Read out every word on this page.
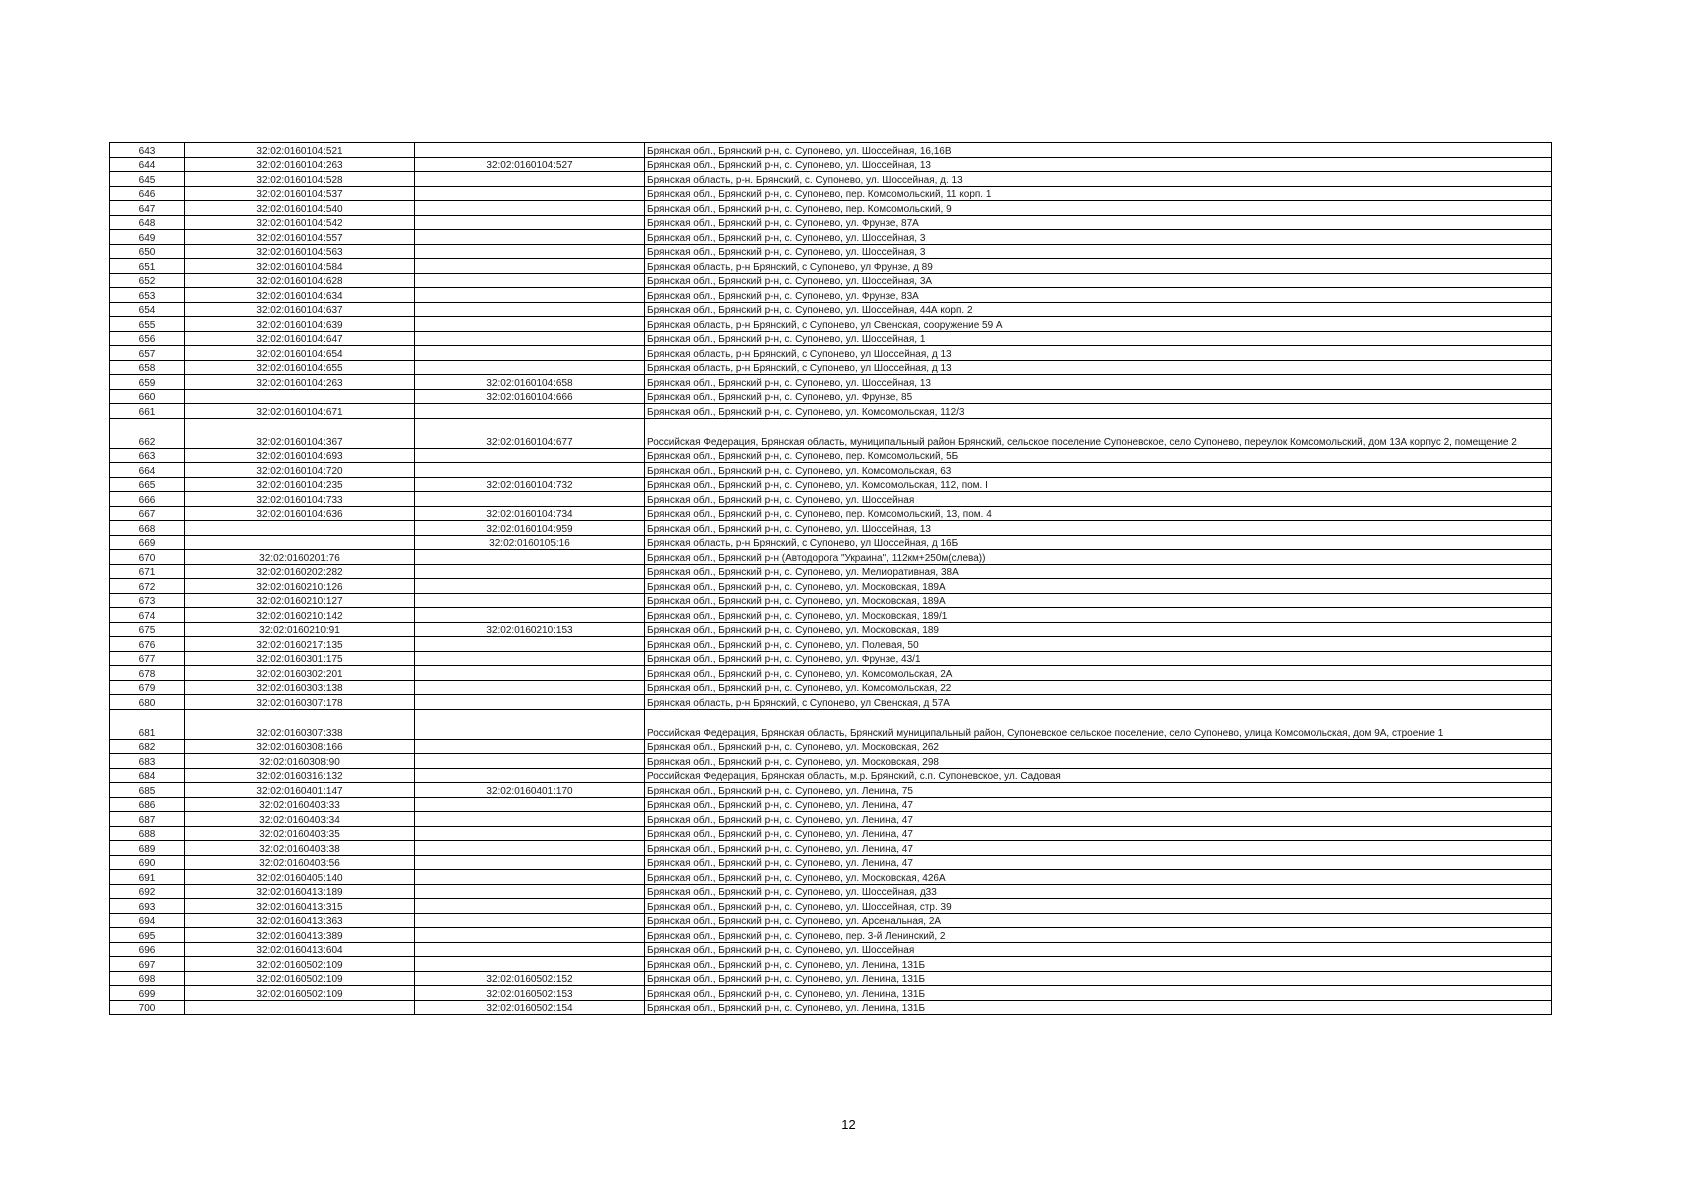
643	32:02:0160104:521		Брянская обл., Брянский р-н, с. Супонево, ул. Шоссейная, 16,16В
644	32:02:0160104:263	32:02:0160104:527	Брянская обл., Брянский р-н, с. Супонево, ул. Шоссейная, 13
645	32:02:0160104:528		Брянская область, р-н. Брянский, с. Супонево, ул. Шоссейная, д. 13
646	32:02:0160104:537		Брянская обл., Брянский р-н, с. Супонево, пер. Комсомольский, 11 корп. 1
647	32:02:0160104:540		Брянская обл., Брянский р-н, с. Супонево, пер. Комсомольский, 9
648	32:02:0160104:542		Брянская обл., Брянский р-н, с. Супонево, ул. Фрунзе, 87А
649	32:02:0160104:557		Брянская обл., Брянский р-н, с. Супонево, ул. Шоссейная, 3
650	32:02:0160104:563		Брянская обл., Брянский р-н, с. Супонево, ул. Шоссейная, 3
651	32:02:0160104:584		Брянская область, р-н Брянский, с Супонево, ул Фрунзе, д 89
652	32:02:0160104:628		Брянская обл., Брянский р-н, с. Супонево, ул. Шоссейная, 3А
653	32:02:0160104:634		Брянская обл., Брянский р-н, с. Супонево, ул. Фрунзе, 83А
654	32:02:0160104:637		Брянская обл., Брянский р-н, с. Супонево, ул. Шоссейная, 44А корп. 2
655	32:02:0160104:639		Брянская область, р-н Брянский, с Супонево, ул Свенская, сооружение 59 А
656	32:02:0160104:647		Брянская обл., Брянский р-н, с. Супонево, ул. Шоссейная, 1
657	32:02:0160104:654		Брянская область, р-н Брянский, с Супонево, ул Шоссейная, д 13
658	32:02:0160104:655		Брянская область, р-н Брянский, с Супонево, ул Шоссейная, д 13
659	32:02:0160104:263	32:02:0160104:658	Брянская обл., Брянский р-н, с. Супонево, ул. Шоссейная, 13
660		32:02:0160104:666	Брянская обл., Брянский р-н, с. Супонево, ул. Фрунзе, 85
661	32:02:0160104:671		Брянская обл., Брянский р-н, с. Супонево, ул. Комсомольская, 112/3
662	32:02:0160104:367	32:02:0160104:677	Российская Федерация, Брянская область, муниципальный район Брянский, сельское поселение Супоневское, село Супонево, переулок Комсомольский, дом 13А корпус 2, помещение 2
663	32:02:0160104:693		Брянская обл., Брянский р-н, с. Супонево, пер. Комсомольский, 5Б
664	32:02:0160104:720		Брянская обл., Брянский р-н, с. Супонево, ул. Комсомольская, 63
665	32:02:0160104:235	32:02:0160104:732	Брянская обл., Брянский р-н, с. Супонево, ул. Комсомольская, 112, пом. I
666	32:02:0160104:733		Брянская обл., Брянский р-н, с. Супонево, ул. Шоссейная
667	32:02:0160104:636	32:02:0160104:734	Брянская обл., Брянский р-н, с. Супонево, пер. Комсомольский, 13, пом. 4
668		32:02:0160104:959	Брянская обл., Брянский р-н, с. Супонево, ул. Шоссейная, 13
669		32:02:0160105:16	Брянская область, р-н Брянский, с Супонево, ул Шоссейная, д 16Б
670	32:02:0160201:76		Брянская обл., Брянский р-н (Автодорога "Украина", 112км+250м(слева))
671	32:02:0160202:282		Брянская обл., Брянский р-н, с. Супонево, ул. Мелиоративная, 38А
672	32:02:0160210:126		Брянская обл., Брянский р-н, с. Супонево, ул. Московская, 189А
673	32:02:0160210:127		Брянская обл., Брянский р-н, с. Супонево, ул. Московская, 189А
674	32:02:0160210:142		Брянская обл., Брянский р-н, с. Супонево, ул. Московская, 189/1
675	32:02:0160210:91	32:02:0160210:153	Брянская обл., Брянский р-н, с. Супонево, ул. Московская, 189
676	32:02:0160217:135		Брянская обл., Брянский р-н, с. Супонево, ул. Полевая, 50
677	32:02:0160301:175		Брянская обл., Брянский р-н, с. Супонево, ул. Фрунзе, 43/1
678	32:02:0160302:201		Брянская обл., Брянский р-н, с. Супонево, ул. Комсомольская, 2А
679	32:02:0160303:138		Брянская обл., Брянский р-н, с. Супонево, ул. Комсомольская, 22
680	32:02:0160307:178		Брянская область, р-н Брянский, с Супонево, ул Свенская, д 57А
681	32:02:0160307:338		Российская Федерация, Брянская область, Брянский муниципальный район, Супоневское сельское поселение, село Супонево, улица Комсомольская, дом 9А, строение 1
682	32:02:0160308:166		Брянская обл., Брянский р-н, с. Супонево, ул. Московская, 262
683	32:02:0160308:90		Брянская обл., Брянский р-н, с. Супонево, ул. Московская, 298
684	32:02:0160316:132		Российская Федерация, Брянская область, м.р. Брянский, с.п. Супоневское, ул. Садовая
685	32:02:0160401:147	32:02:0160401:170	Брянская обл., Брянский р-н, с. Супонево, ул. Ленина, 75
686	32:02:0160403:33		Брянская обл., Брянский р-н, с. Супонево, ул. Ленина, 47
687	32:02:0160403:34		Брянская обл., Брянский р-н, с. Супонево, ул. Ленина, 47
688	32:02:0160403:35		Брянская обл., Брянский р-н, с. Супонево, ул. Ленина, 47
689	32:02:0160403:38		Брянская обл., Брянский р-н, с. Супонево, ул. Ленина, 47
690	32:02:0160403:56		Брянская обл., Брянский р-н, с. Супонево, ул. Ленина, 47
691	32:02:0160405:140		Брянская обл., Брянский р-н, с. Супонево, ул. Московская, 426А
692	32:02:0160413:189		Брянская обл., Брянский р-н, с. Супонево, ул. Шоссейная, д33
693	32:02:0160413:315		Брянская обл., Брянский р-н, с. Супонево, ул. Шоссейная, стр. 39
694	32:02:0160413:363		Брянская обл., Брянский р-н, с. Супонево, ул. Арсенальная, 2А
695	32:02:0160413:389		Брянская обл., Брянский р-н, с. Супонево, пер. 3-й Ленинский, 2
696	32:02:0160413:604		Брянская обл., Брянский р-н, с. Супонево, ул. Шоссейная
697	32:02:0160502:109		Брянская обл., Брянский р-н, с. Супонево, ул. Ленина, 131Б
698	32:02:0160502:109	32:02:0160502:152	Брянская обл., Брянский р-н, с. Супонево, ул. Ленина, 131Б
699	32:02:0160502:109	32:02:0160502:153	Брянская обл., Брянский р-н, с. Супонево, ул. Ленина, 131Б
700		32:02:0160502:154	Брянская обл., Брянский р-н, с. Супонево, ул. Ленина, 131Б
12
